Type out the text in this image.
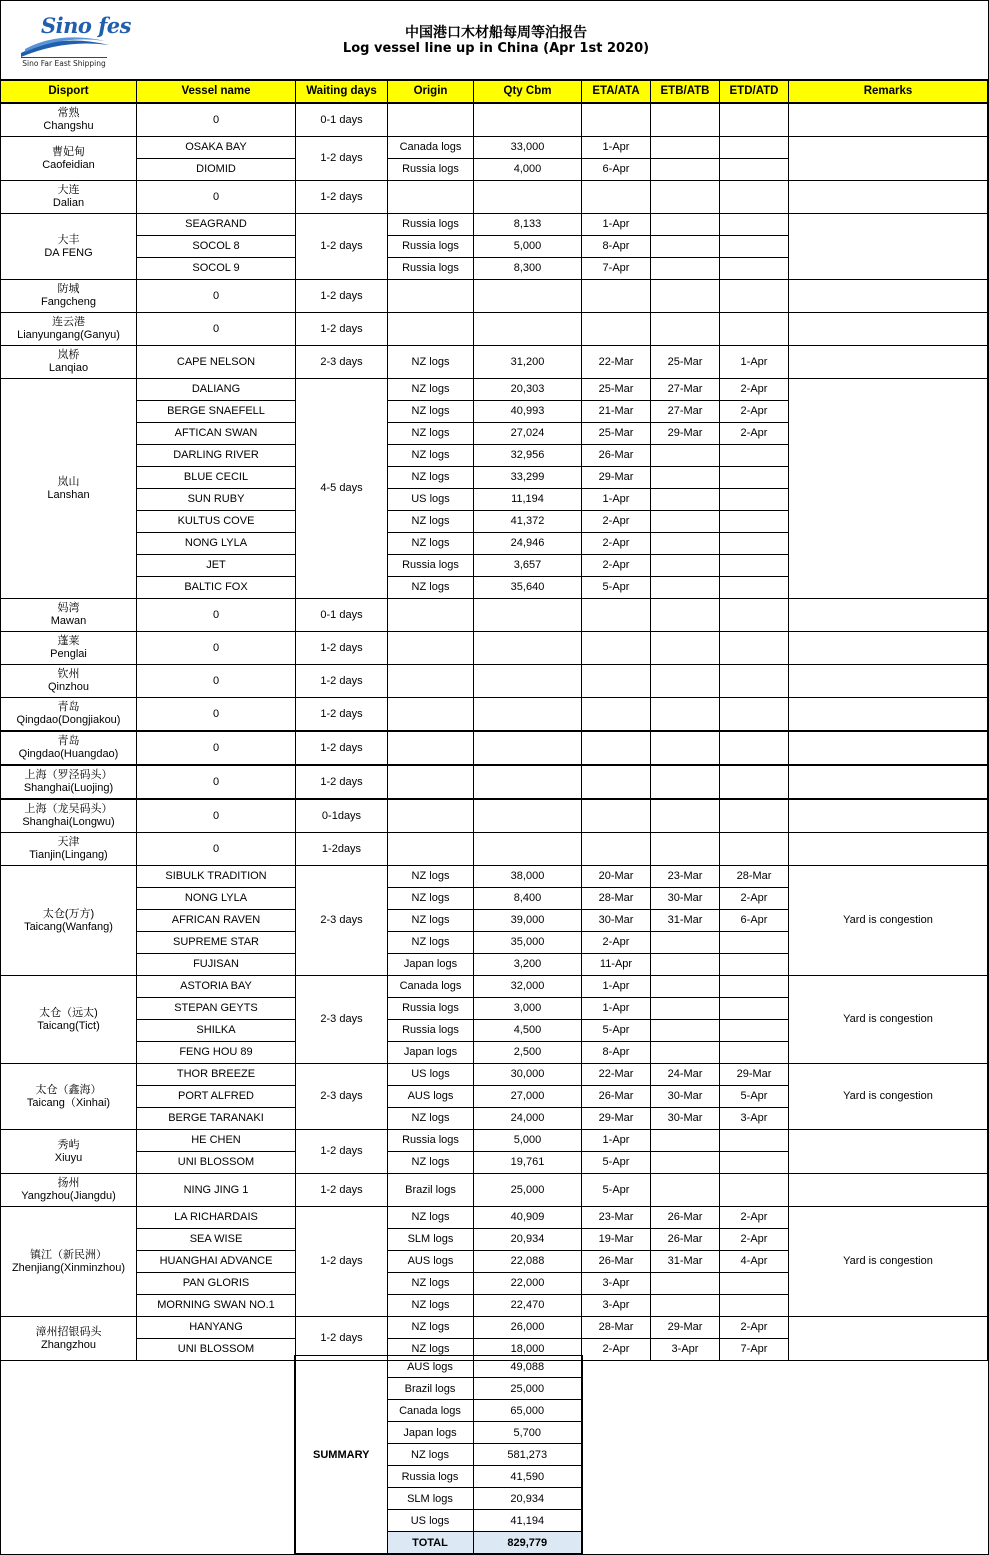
Sino fes
Sino Far East Shipping
中国港口木材船每周等泊报告
Log vessel line up in China (Apr 1st 2020)
Disport	Vessel name	Waiting days	Origin	Qty Cbm	ETA/ATA	ETB/ATB	ETD/ATD	Remarks

常熟
Changshu	0	0-1 days						

曹妃甸
Caofeidian	OSAKA BAY	1-2 days	Canada logs	33,000	1-Apr			
	DIOMID		Russia logs	4,000	6-Apr			

大连
Dalian	0	1-2 days						

大丰
DA FENG	SEAGRAND	1-2 days	Russia logs	8,133	1-Apr			
	SOCOL 8		Russia logs	5,000	8-Apr			
	SOCOL 9		Russia logs	8,300	7-Apr			

防城
Fangcheng	0	1-2 days						

连云港
Lianyungang(Ganyu)	0	1-2 days						

岚桥
Lanqiao	CAPE NELSON	2-3 days	NZ logs	31,200	22-Mar	25-Mar	1-Apr	

岚山
Lanshan	DALIANG	4-5 days	NZ logs	20,303	25-Mar	27-Mar	2-Apr	
	BERGE SNAEFELL		NZ logs	40,993	21-Mar	27-Mar	2-Apr	
	AFTICAN SWAN		NZ logs	27,024	25-Mar	29-Mar	2-Apr	
	DARLING RIVER		NZ logs	32,956	26-Mar			
	BLUE CECIL		NZ logs	33,299	29-Mar			
	SUN RUBY		US logs	11,194	1-Apr			
	KULTUS COVE		NZ logs	41,372	2-Apr			
	NONG LYLA		NZ logs	24,946	2-Apr			
	JET		Russia logs	3,657	2-Apr			
	BALTIC FOX		NZ logs	35,640	5-Apr			

妈湾
Mawan	0	0-1 days						

蓬莱
Penglai	0	1-2 days						

钦州
Qinzhou	0	1-2 days						

青岛
Qingdao(Dongjiakou)	0	1-2 days						

青岛
Qingdao(Huangdao)	0	1-2 days						

上海（罗泾码头）
Shanghai(Luojing)	0	1-2 days						

上海（龙吴码头）
Shanghai(Longwu)	0	0-1days						

天津
Tianjin(Lingang)	0	1-2days						

太仓(万方)
Taicang(Wanfang)	SIBULK TRADITION	2-3 days	NZ logs	38,000	20-Mar	23-Mar	28-Mar	Yard is congestion
	NONG LYLA		NZ logs	8,400	28-Mar	30-Mar	2-Apr	
	AFRICAN RAVEN		NZ logs	39,000	30-Mar	31-Mar	6-Apr	
	SUPREME STAR		NZ logs	35,000	2-Apr			
	FUJISAN		Japan logs	3,200	11-Apr			

太仓（远太)
Taicang(Tict)	ASTORIA BAY	2-3 days	Canada logs	32,000	1-Apr			Yard is congestion
	STEPAN GEYTS		Russia logs	3,000	1-Apr			
	SHILKA		Russia logs	4,500	5-Apr			
	FENG HOU 89		Japan logs	2,500	8-Apr			

太仓（鑫海）
Taicang（Xinhai)	THOR BREEZE	2-3 days	US logs	30,000	22-Mar	24-Mar	29-Mar	Yard is congestion
	PORT ALFRED		AUS logs	27,000	26-Mar	30-Mar	5-Apr	
	BERGE TARANAKI		NZ logs	24,000	29-Mar	30-Mar	3-Apr	

秀屿
Xiuyu	HE CHEN	1-2 days	Russia logs	5,000	1-Apr			
	UNI BLOSSOM		NZ logs	19,761	5-Apr			

扬州
Yangzhou(Jiangdu)	NING JING 1	1-2 days	Brazil logs	25,000	5-Apr			

镇江（新民洲）
Zhenjiang(Xinminzhou)	LA RICHARDAIS	1-2 days	NZ logs	40,909	23-Mar	26-Mar	2-Apr	Yard is congestion
	SEA WISE		SLM logs	20,934	19-Mar	26-Mar	2-Apr	
	HUANGHAI ADVANCE		AUS logs	22,088	26-Mar	31-Mar	4-Apr	
	PAN GLORIS		NZ logs	22,000	3-Apr			
	MORNING SWAN NO.1		NZ logs	22,470	3-Apr			

漳州招银码头
Zhangzhou	HANYANG	1-2 days	NZ logs	26,000	28-Mar	29-Mar	2-Apr	
	UNI BLOSSOM		NZ logs	18,000	2-Apr	3-Apr	7-Apr	
SUMMARY	AUS logs	49,088
	Brazil logs	25,000
	Canada logs	65,000
	Japan logs	5,700
	NZ logs	581,273
	Russia logs	41,590
	SLM logs	20,934
	US logs	41,194
	TOTAL	829,779
